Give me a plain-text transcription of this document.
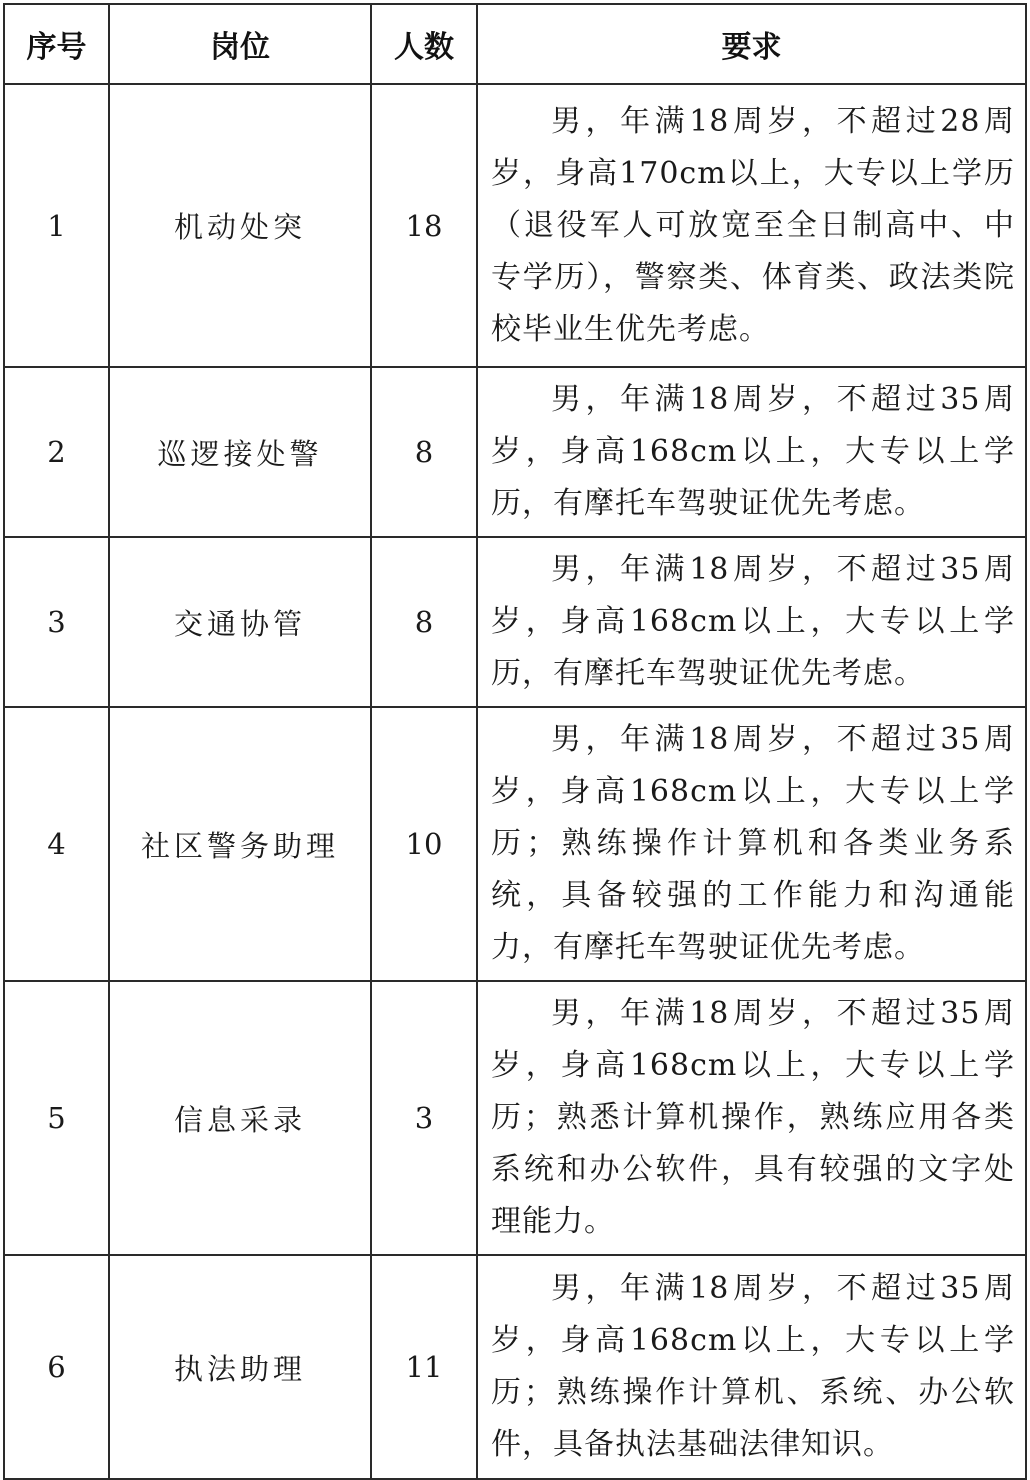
序号	岗位	人数	要求
1	机动处突	18	男，年满18周岁，不超过28周岁，身高170cm以上，大专以上学历（退役军人可放宽至全日制高中、中专学历），警察类、体育类、政法类院校毕业生优先考虑。

2	巡逻接处警	8	男，年满18周岁，不超过35周岁，身高168cm以上，大专以上学历，有摩托车驾驶证优先考虑。

3	交通协管	8	男，年满18周岁，不超过35周岁，身高168cm以上，大专以上学历，有摩托车驾驶证优先考虑。

4	社区警务助理	10	男，年满18周岁，不超过35周岁，身高168cm以上，大专以上学历；熟练操作计算机和各类业务系统，具备较强的工作能力和沟通能力，有摩托车驾驶证优先考虑。

5	信息采录	3	男，年满18周岁，不超过35周岁，身高168cm以上，大专以上学历；熟悉计算机操作，熟练应用各类系统和办公软件，具有较强的文字处理能力。

6	执法助理	11	男，年满18周岁，不超过35周岁，身高168cm以上，大专以上学历；熟练操作计算机、系统、办公软件，具备执法基础法律知识。
